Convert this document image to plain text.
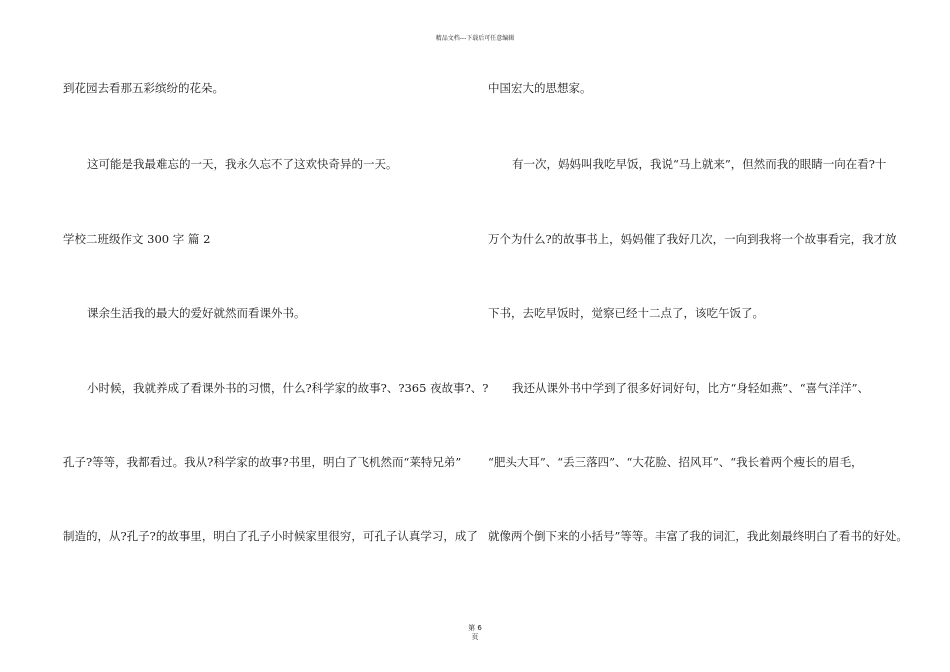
精品文档---下载后可任意编辑
到花园去看那五彩缤纷的花朵。
这可能是我最难忘的一天，我永久忘不了这欢快奇异的一天。
学校二班级作文 300 字 篇 2
课余生活我的最大的爱好就然而看课外书。
小时候，我就养成了看课外书的习惯，什么?科学家的故事?、?365 夜故事?、?
孔子?等等，我都看过。我从?科学家的故事?书里，明白了飞机然而“莱特兄弟”
制造的，从?孔子?的故事里，明白了孔子小时候家里很穷，可孔子认真学习，成了
中国宏大的思想家。
有一次，妈妈叫我吃早饭，我说“马上就来”，但然而我的眼睛一向在看?十
万个为什么?的故事书上，妈妈催了我好几次，一向到我将一个故事看完，我才放
下书，去吃早饭时，觉察已经十二点了，该吃午饭了。
我还从课外书中学到了很多好词好句，比方“身轻如燕”、“喜气洋洋”、
“肥头大耳”、“丢三落四”、“大花脸、招风耳”、“我长着两个瘦长的眉毛，
就像两个倒下来的小括号”等等。丰富了我的词汇，我此刻最终明白了看书的好处。
第 6
页
